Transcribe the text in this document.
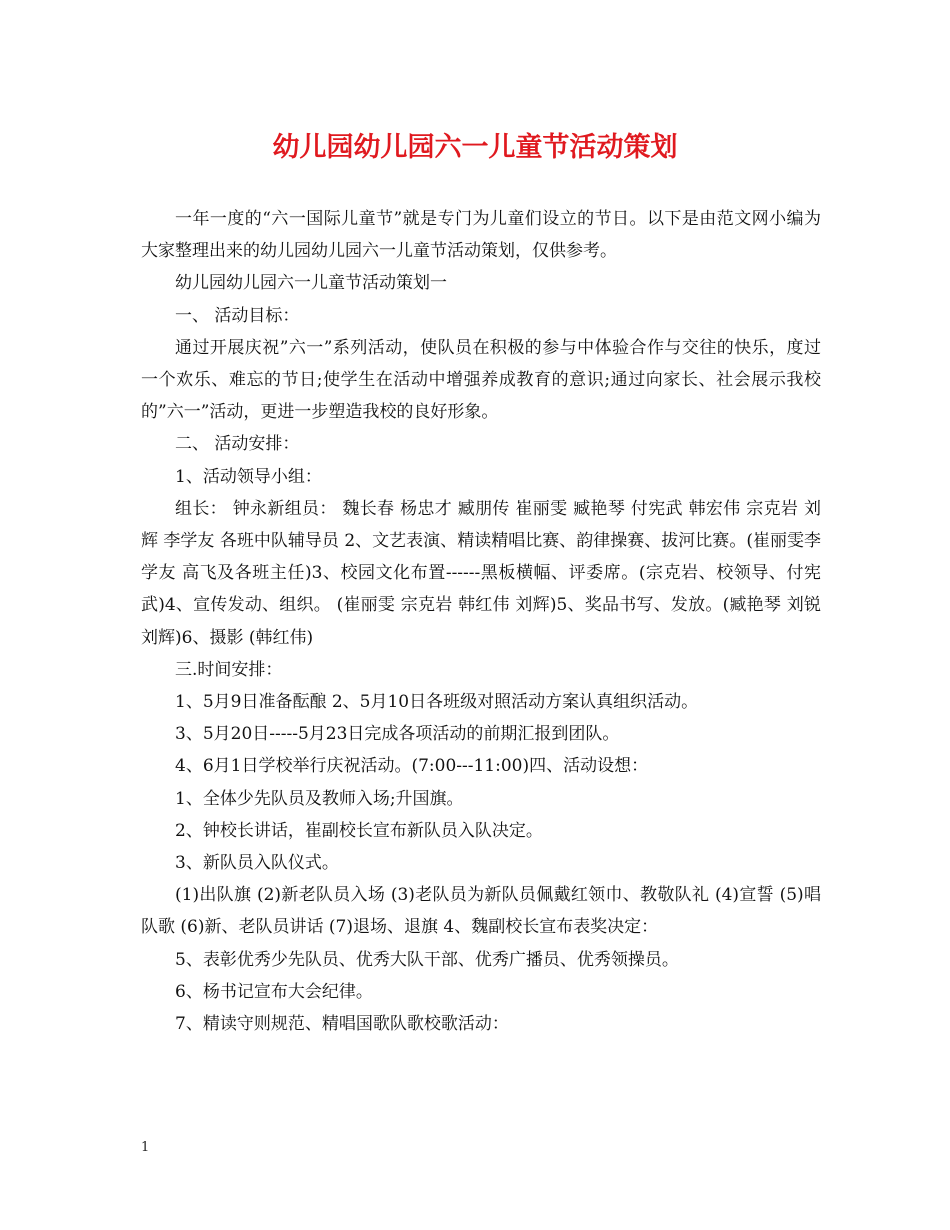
幼儿园幼儿园六一儿童节活动策划

一年一度的“六一国际儿童节”就是专门为儿童们设立的节日。以下是由范文网小编为大家整理出来的幼儿园幼儿园六一儿童节活动策划，仅供参考。

幼儿园幼儿园六一儿童节活动策划一

一、 活动目标：

通过开展庆祝”六一”系列活动，使队员在积极的参与中体验合作与交往的快乐，度过一个欢乐、难忘的节日;使学生在活动中增强养成教育的意识;通过向家长、社会展示我校的”六一”活动，更进一步塑造我校的良好形象。

二、 活动安排：

1、活动领导小组：

组长： 钟永新组员： 魏长春 杨忠才 臧朋传 崔丽雯 臧艳琴 付宪武 韩宏伟 宗克岩 刘 辉 李学友 各班中队辅导员 2、文艺表演、精读精唱比赛、韵律操赛、拔河比赛。(崔丽雯李学友 高飞及各班主任)3、校园文化布置------黑板横幅、评委席。(宗克岩、校领导、付宪武)4、宣传发动、组织。 (崔丽雯 宗克岩 韩红伟 刘辉)5、奖品书写、发放。(臧艳琴 刘锐 刘辉)6、摄影 (韩红伟)

三.时间安排：

1、5月9日准备酝酿 2、5月10日各班级对照活动方案认真组织活动。

3、5月20日-----5月23日完成各项活动的前期汇报到团队。

4、6月1日学校举行庆祝活动。(7:00---11:00)四、活动设想：

1、全体少先队员及教师入场;升国旗。

2、钟校长讲话，崔副校长宣布新队员入队决定。

3、新队员入队仪式。

(1)出队旗 (2)新老队员入场 (3)老队员为新队员佩戴红领巾、教敬队礼 (4)宣誓 (5)唱队歌 (6)新、老队员讲话 (7)退场、退旗 4、魏副校长宣布表奖决定：

5、表彰优秀少先队员、优秀大队干部、优秀广播员、优秀领操员。

6、杨书记宣布大会纪律。

7、精读守则规范、精唱国歌队歌校歌活动：

1
